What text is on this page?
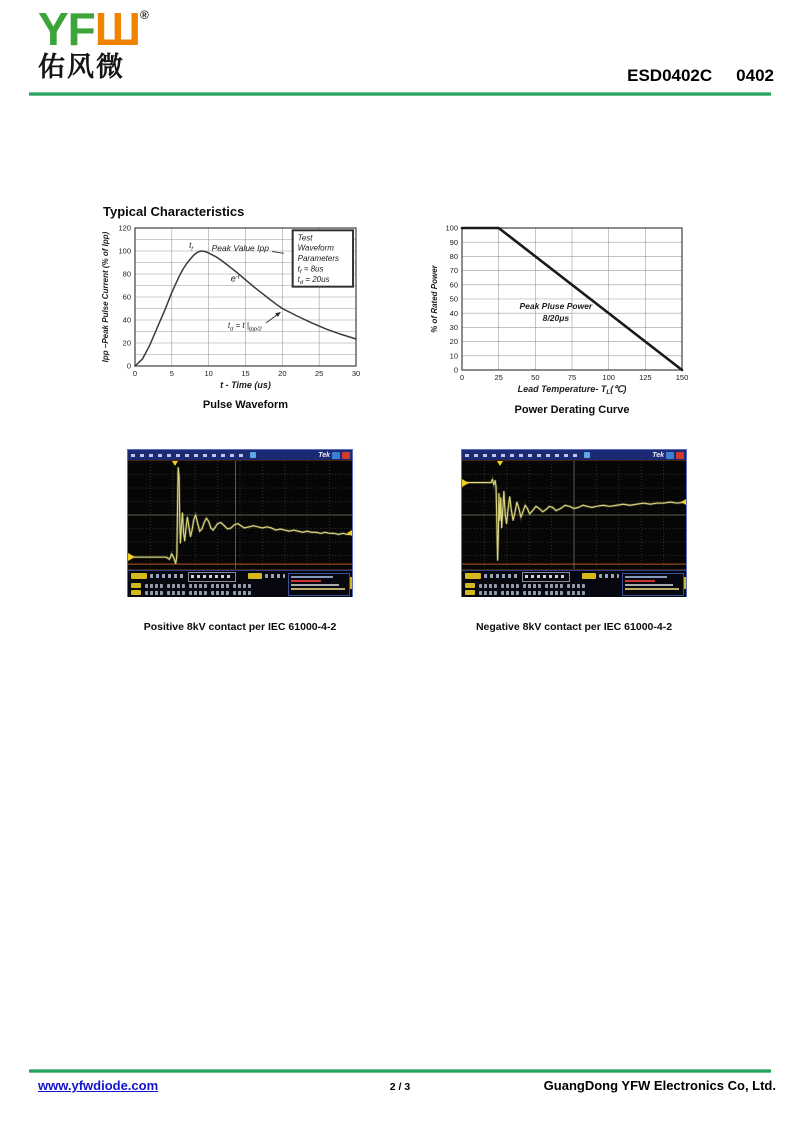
YFШ®
佑风微	ESD0402C 0402
Typical Characteristics
0	5	10	15	20	25	30
0
20
40
60
80
100
120
Ipp –Peak Pulse Current (% of Ipp)
t - Time (us)
$t_f$ Peak Value Ipp
$e^{-t}$
$t_d = t$ $|_{Ipp/2}$
Test
Waveform
Parameters
$t_f = 8us$
$t_d = 20us$
Pulse Waveform
0	25	50	75	100	125	150
0
10
20
30
40
50
60
70
80
90
100
% of Rated Power
Lead Temperature- $T_L(℃)$
Peak Pluse Power
8/20μs
Power Derating Curve
Tek	Tek
Positive 8kV contact per IEC 61000-4-2	Negative 8kV contact per IEC 61000-4-2
www.yfwdiode.com	2 / 3	GuangDong YFW Electronics Co, Ltd.
